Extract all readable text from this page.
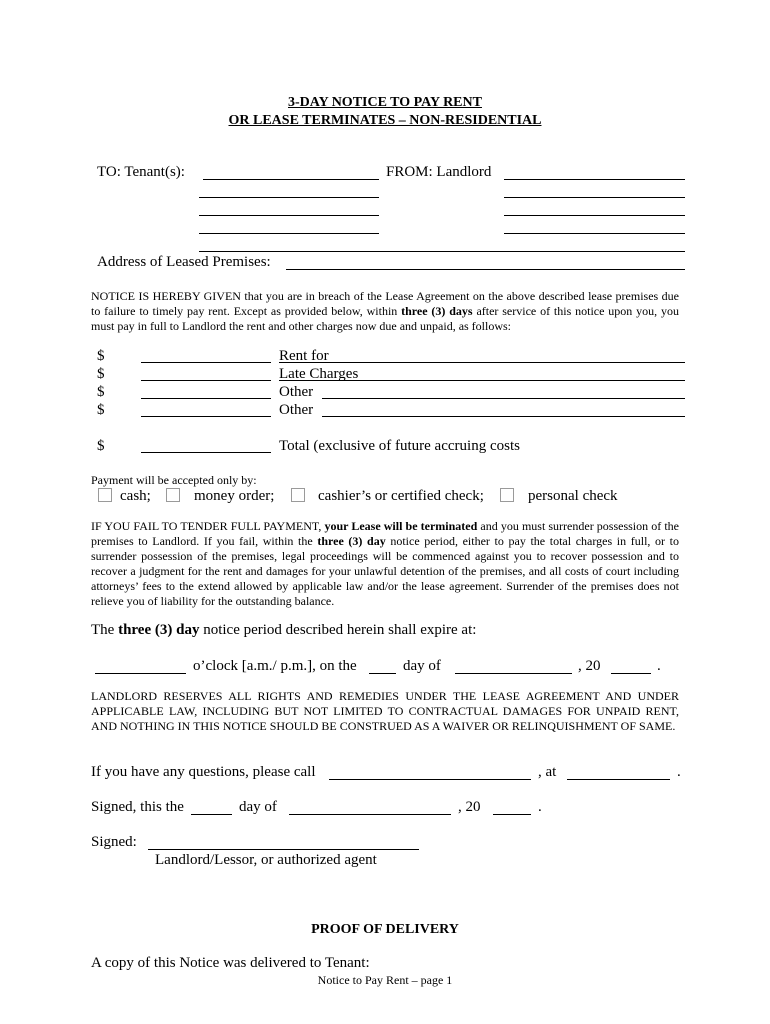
3-DAY NOTICE TO PAY RENT
OR LEASE TERMINATES – NON-RESIDENTIAL
TO: Tenant(s):	FROM: Landlord
Address of Leased Premises:
NOTICE IS HEREBY GIVEN that you are in breach of the Lease Agreement on the above described lease premises due to failure to timely pay rent. Except as provided below, within three (3) days after service of this notice upon you, you must pay in full to Landlord the rent and other charges now due and unpaid, as follows:
$	Rent for
$	Late Charges
$	Other
$	Other
$	Total (exclusive of future accruing costs
Payment will be accepted only by:
cash;	money order;	cashier’s or certified check;	personal check
IF YOU FAIL TO TENDER FULL PAYMENT, your Lease will be terminated and you must surrender possession of the premises to Landlord. If you fail, within the three (3) day notice period, either to pay the total charges in full, or to surrender possession of the premises, legal proceedings will be commenced against you to recover possession and to recover a judgment for the rent and damages for your unlawful detention of the premises, and all costs of court including attorneys’ fees to the extend allowed by applicable law and/or the lease agreement. Surrender of the premises does not relieve you of liability for the outstanding balance.
The three (3) day notice period described herein shall expire at:
o’clock [a.m./ p.m.], on the	day of	, 20	.
LANDLORD RESERVES ALL RIGHTS AND REMEDIES UNDER THE LEASE AGREEMENT AND UNDER APPLICABLE LAW, INCLUDING BUT NOT LIMITED TO CONTRACTUAL DAMAGES FOR UNPAID RENT, AND NOTHING IN THIS NOTICE SHOULD BE CONSTRUED AS A WAIVER OR RELINQUISHMENT OF SAME.
If you have any questions, please call	, at	.
Signed, this the	day of	, 20	.
Signed:
Landlord/Lessor, or authorized agent
PROOF OF DELIVERY
A copy of this Notice was delivered to Tenant:
Notice to Pay Rent – page 1
